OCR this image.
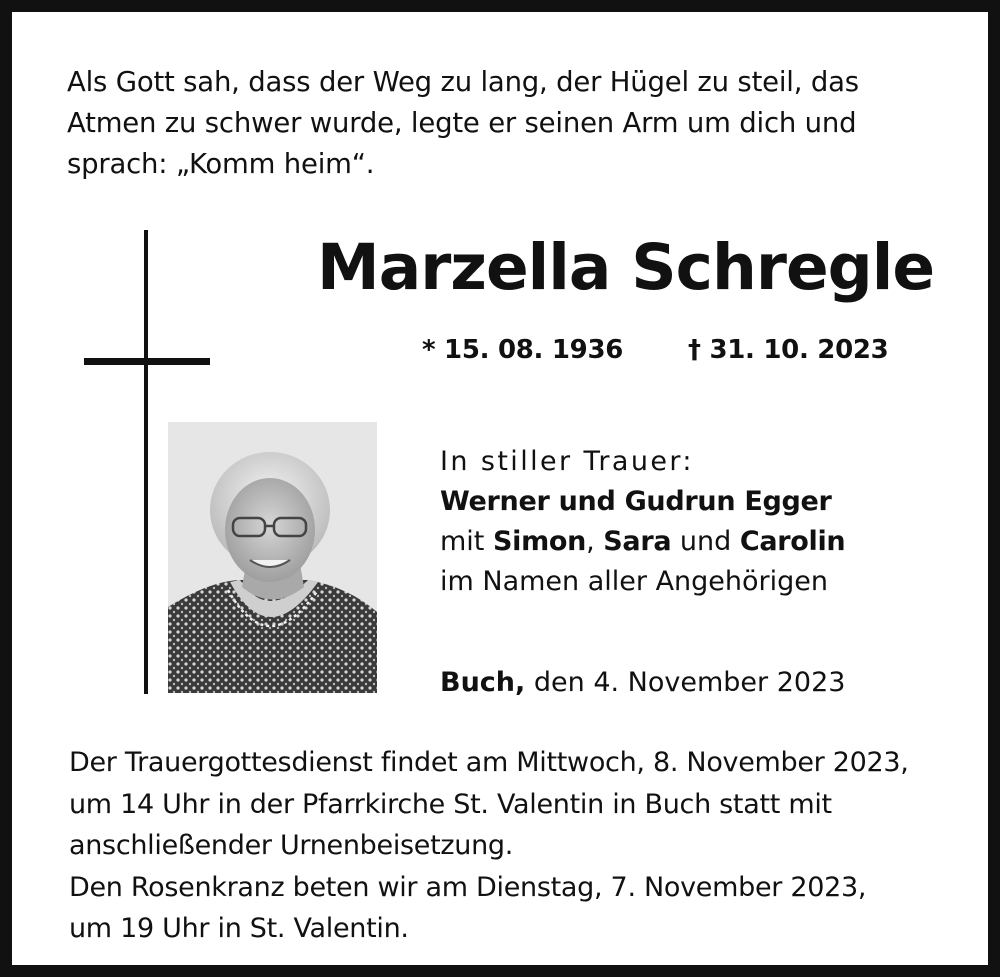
Als Gott sah, dass der Weg zu lang, der Hügel zu steil, das
Atmen zu schwer wurde, legte er seinen Arm um dich und
sprach: „Komm heim“.
Marzella Schregle
* 15. 08. 1936 † 31. 10. 2023
In stiller Trauer:
Werner und Gudrun Egger
mit Simon, Sara und Carolin
im Namen aller Angehörigen
Buch, den 4. November 2023
Der Trauergottesdienst findet am Mittwoch, 8. November 2023,
um 14 Uhr in der Pfarrkirche St. Valentin in Buch statt mit
anschließender Urnenbeisetzung.
Den Rosenkranz beten wir am Dienstag, 7. November 2023,
um 19 Uhr in St. Valentin.
